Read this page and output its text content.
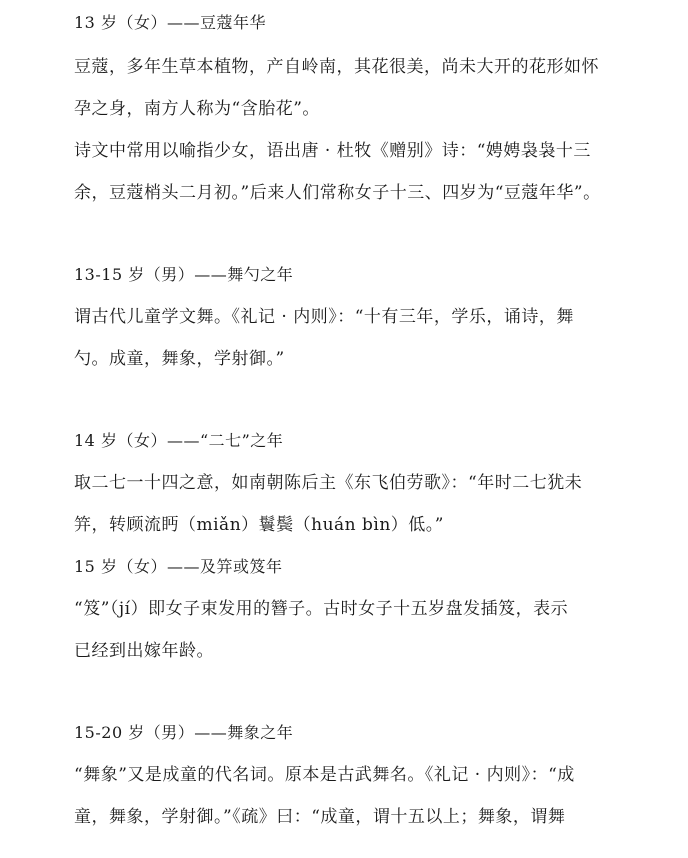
13 岁（女）——豆蔻年华
豆蔻，多年生草本植物，产自岭南，其花很美，尚未大开的花形如怀
孕之身，南方人称为“含胎花”。
诗文中常用以喻指少女，语出唐 · 杜牧《赠别》诗：“娉娉袅袅十三
余，豆蔻梢头二月初。”后来人们常称女子十三、四岁为“豆蔻年华”。
13-15 岁（男）——舞勺之年
谓古代儿童学文舞。《礼记 · 内则》：“十有三年，学乐，诵诗，舞
勺。成童，舞象，学射御。”
14 岁（女）——“二七”之年
取二七一十四之意，如南朝陈后主《东飞伯劳歌》：“年时二七犹未
笄，转顾流眄（miǎn）鬟鬓（huán bìn）低。”
15 岁（女）——及笄或笈年
“笈”（jí）即女子束发用的簪子。古时女子十五岁盘发插笈，表示
已经到出嫁年龄。
15-20 岁（男）——舞象之年
“舞象”又是成童的代名词。原本是古武舞名。《礼记 · 内则》：“成
童，舞象，学射御。”《疏》曰：“成童，谓十五以上；舞象，谓舞
